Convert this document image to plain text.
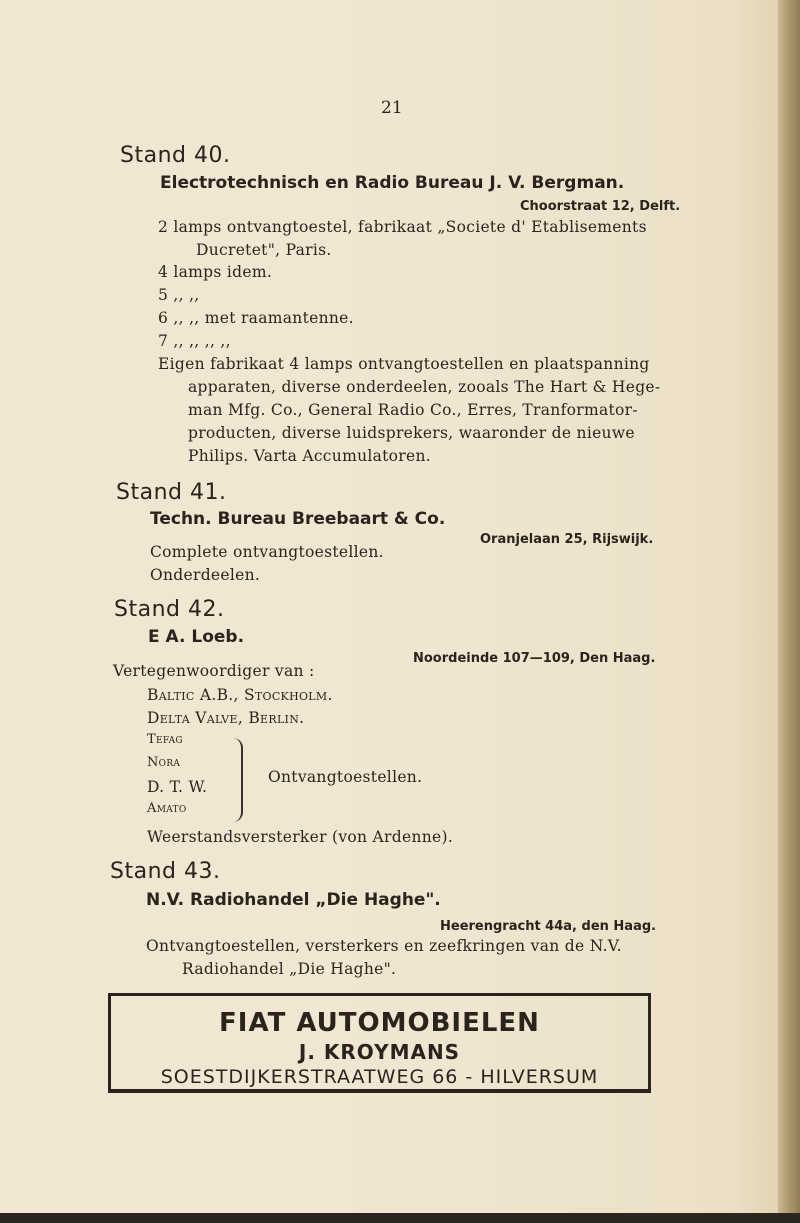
21
Stand 40.
Electrotechnisch en Radio Bureau J. V. Bergman.
Choorstraat 12, Delft.
2 lamps ontvangtoestel, fabrikaat „Societe d' Etablisements
Ducretet", Paris.
4 lamps idem.
5 ,, ,,
6 ,, ,, met raamantenne.
7 ,, ,, ,, ,,
Eigen fabrikaat 4 lamps ontvangtoestellen en plaatspanning
apparaten, diverse onderdeelen, zooals The Hart & Hege-
man Mfg. Co., General Radio Co., Erres, Tranformator-
producten, diverse luidsprekers, waaronder de nieuwe
Philips. Varta Accumulatoren.
Stand 41.
Techn. Bureau Breebaart & Co.
Oranjelaan 25, Rijswijk.
Complete ontvangtoestellen.
Onderdeelen.
Stand 42.
E A. Loeb.
Noordeinde 107—109, Den Haag.
Vertegenwoordiger van :
Baltic A.B., Stockholm.
Delta Valve, Berlin.
Tefag
Nora
D. T. W.
Amato
Ontvangtoestellen.
Weerstandsversterker (von Ardenne).
Stand 43.
N.V. Radiohandel „Die Haghe".
Heerengracht 44a, den Haag.
Ontvangtoestellen, versterkers en zeefkringen van de N.V.
Radiohandel „Die Haghe".
FIAT AUTOMOBIELEN
J. KROYMANS
SOESTDIJKERSTRAATWEG 66 - HILVERSUM
